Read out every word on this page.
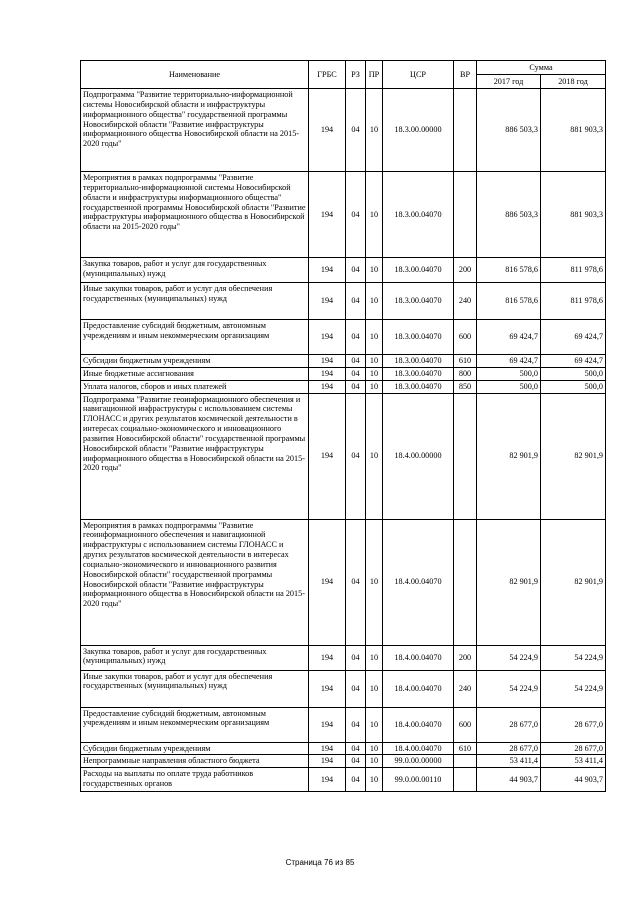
Наименование	ГРБС	РЗ	ПР	ЦСР	ВР	Сумма	
						2017 год	2018 год
Подпрограмма "Развитие территориально-информационной системы Новосибирской области и инфраструктуры информационного общества" государственной программы Новосибирской области "Развитие инфраструктуры информационного общества Новосибирской области на 2015-2020 годы"	194	04	10	18.3.00.00000		886 503,3	881 903,3
Мероприятия в рамках подпрограммы "Развитие территориально-информационной системы Новосибирской области и инфраструктуры информационного общества" государственной программы Новосибирской области "Развитие инфраструктуры информационного общества в Новосибирской области на 2015-2020 годы"	194	04	10	18.3.00.04070		886 503,3	881 903,3
Закупка товаров, работ и услуг для государственных (муниципальных) нужд	194	04	10	18.3.00.04070	200	816 578,6	811 978,6
Иные закупки товаров, работ и услуг для обеспечения государственных (муниципальных) нужд	194	04	10	18.3.00.04070	240	816 578,6	811 978,6
Предоставление субсидий бюджетным, автономным учреждениям и иным некоммерческим организациям	194	04	10	18.3.00.04070	600	69 424,7	69 424,7
Субсидии бюджетным учреждениям	194	04	10	18.3.00.04070	610	69 424,7	69 424,7
Иные бюджетные ассигнования	194	04	10	18.3.00.04070	800	500,0	500,0
Уплата налогов, сборов и иных платежей	194	04	10	18.3.00.04070	850	500,0	500,0
Подпрограмма "Развитие геоинформационного обеспечения и навигационной инфраструктуры с использованием системы ГЛОНАСС и других результатов космической деятельности в интересах социально-экономического и инновационного развития Новосибирской области" государственной программы Новосибирской области "Развитие инфраструктуры информационного общества в Новосибирской области на 2015-2020 годы"	194	04	10	18.4.00.00000		82 901,9	82 901,9
Мероприятия в рамках подпрограммы "Развитие геоинформационного обеспечения и навигационной инфраструктуры с использованием системы ГЛОНАСС и других результатов космической деятельности в интересах социально-экономического и инновационного развития Новосибирской области" государственной программы Новосибирской области "Развитие инфраструктуры информационного общества в Новосибирской области на 2015-2020 годы"	194	04	10	18.4.00.04070		82 901,9	82 901,9
Закупка товаров, работ и услуг для государственных (муниципальных) нужд	194	04	10	18.4.00.04070	200	54 224,9	54 224,9
Иные закупки товаров, работ и услуг для обеспечения государственных (муниципальных) нужд	194	04	10	18.4.00.04070	240	54 224,9	54 224,9
Предоставление субсидий бюджетным, автономным учреждениям и иным некоммерческим организациям	194	04	10	18.4.00.04070	600	28 677,0	28 677,0
Субсидии бюджетным учреждениям	194	04	10	18.4.00.04070	610	28 677,0	28 677,0
Непрограммные направления областного бюджета	194	04	10	99.0.00.00000		53 411,4	53 411,4
Расходы на выплаты по оплате труда работников государственных органов	194	04	10	99.0.00.00110		44 903,7	44 903,7
Страница 76 из 85
